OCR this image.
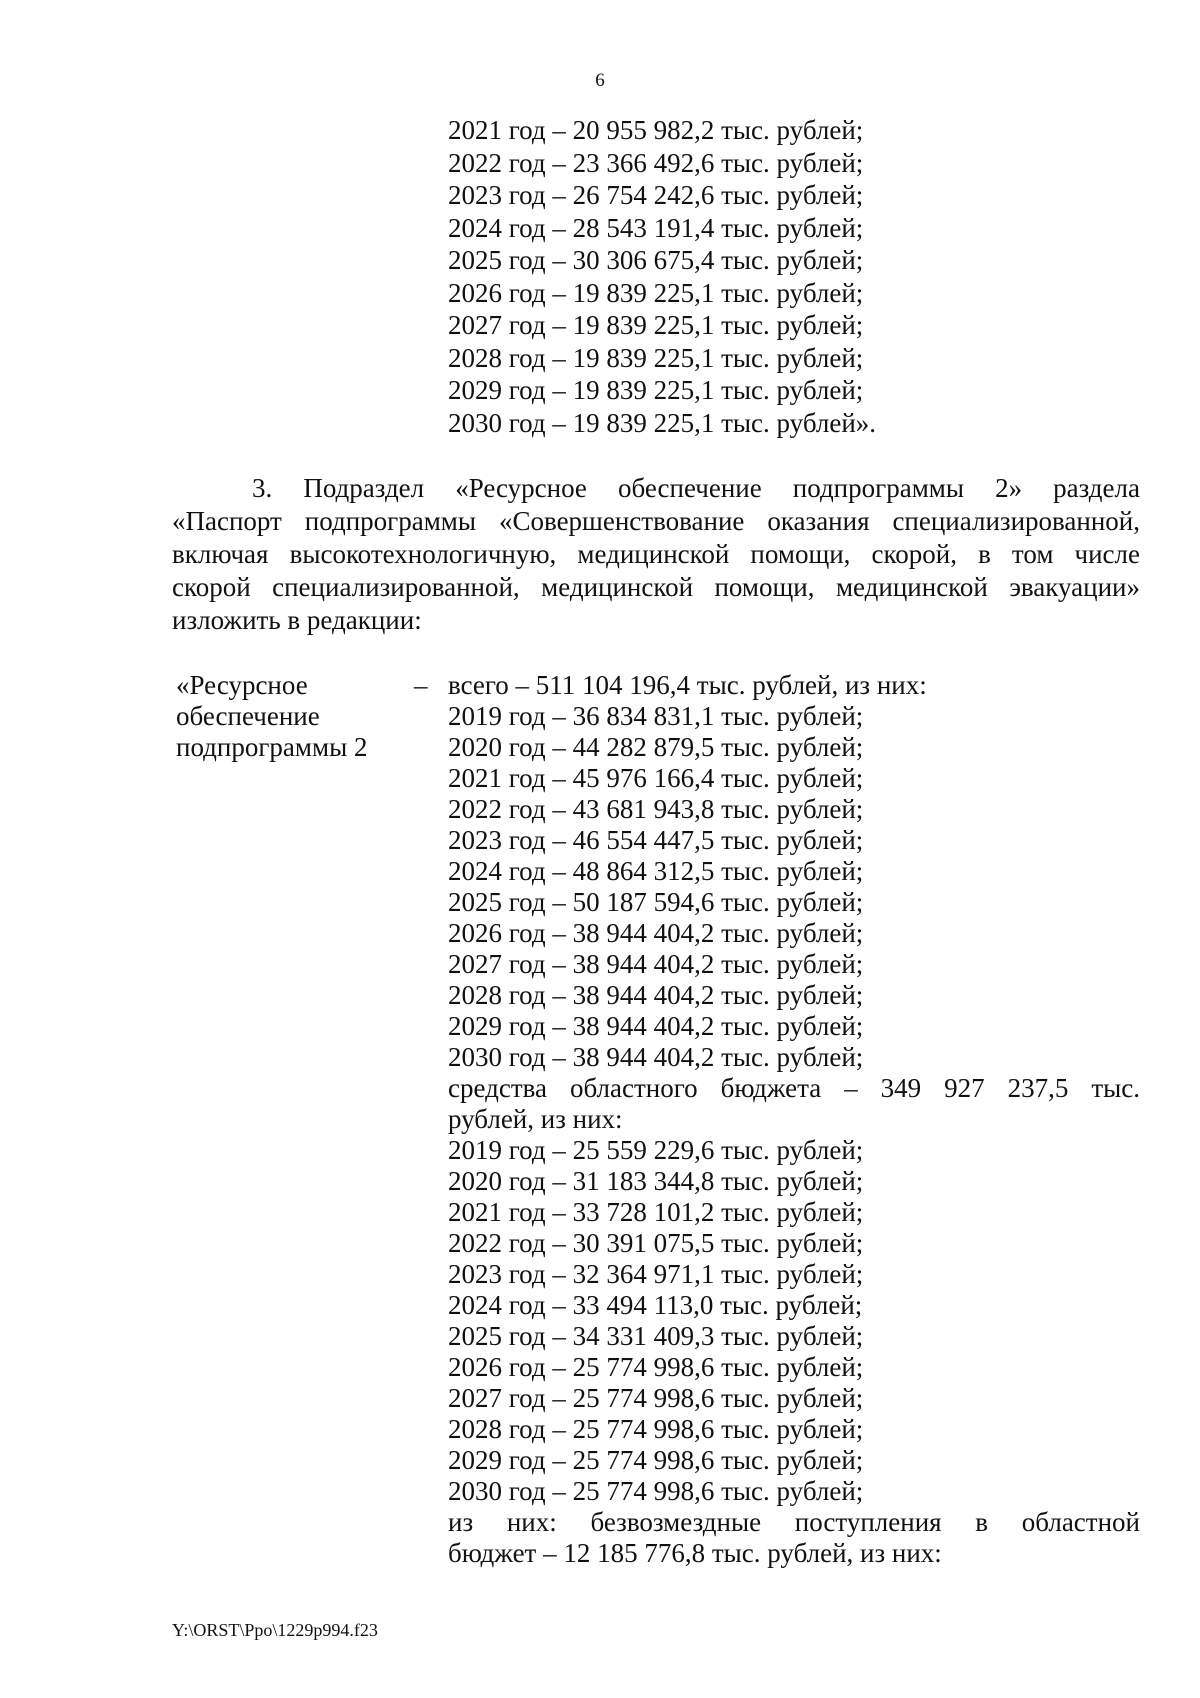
6
2021 год – 20 955 982,2 тыс. рублей;
2022 год – 23 366 492,6 тыс. рублей;
2023 год – 26 754 242,6 тыс. рублей;
2024 год – 28 543 191,4 тыс. рублей;
2025 год – 30 306 675,4 тыс. рублей;
2026 год – 19 839 225,1 тыс. рублей;
2027 год – 19 839 225,1 тыс. рублей;
2028 год – 19 839 225,1 тыс. рублей;
2029 год – 19 839 225,1 тыс. рублей;
2030 год – 19 839 225,1 тыс. рублей».
3. Подраздел «Ресурсное обеспечение подпрограммы 2» раздела
«Паспорт подпрограммы «Совершенствование оказания специализированной,
включая высокотехнологичную, медицинской помощи, скорой, в том числе
скорой специализированной, медицинской помощи, медицинской эвакуации»
изложить в редакции:
«Ресурсное
обеспечение
подпрограммы 2
– всего – 511 104 196,4 тыс. рублей, из них:
2019 год – 36 834 831,1 тыс. рублей;
2020 год – 44 282 879,5 тыс. рублей;
2021 год – 45 976 166,4 тыс. рублей;
2022 год – 43 681 943,8 тыс. рублей;
2023 год – 46 554 447,5 тыс. рублей;
2024 год – 48 864 312,5 тыс. рублей;
2025 год – 50 187 594,6 тыс. рублей;
2026 год – 38 944 404,2 тыс. рублей;
2027 год – 38 944 404,2 тыс. рублей;
2028 год – 38 944 404,2 тыс. рублей;
2029 год – 38 944 404,2 тыс. рублей;
2030 год – 38 944 404,2 тыс. рублей;
средства областного бюджета – 349 927 237,5 тыс.
рублей, из них:
2019 год – 25 559 229,6 тыс. рублей;
2020 год – 31 183 344,8 тыс. рублей;
2021 год – 33 728 101,2 тыс. рублей;
2022 год – 30 391 075,5 тыс. рублей;
2023 год – 32 364 971,1 тыс. рублей;
2024 год – 33 494 113,0 тыс. рублей;
2025 год – 34 331 409,3 тыс. рублей;
2026 год – 25 774 998,6 тыс. рублей;
2027 год – 25 774 998,6 тыс. рублей;
2028 год – 25 774 998,6 тыс. рублей;
2029 год – 25 774 998,6 тыс. рублей;
2030 год – 25 774 998,6 тыс. рублей;
из них: безвозмездные поступления в областной
бюджет – 12 185 776,8 тыс. рублей, из них:
Y:\ORST\Ppo\1229p994.f23
